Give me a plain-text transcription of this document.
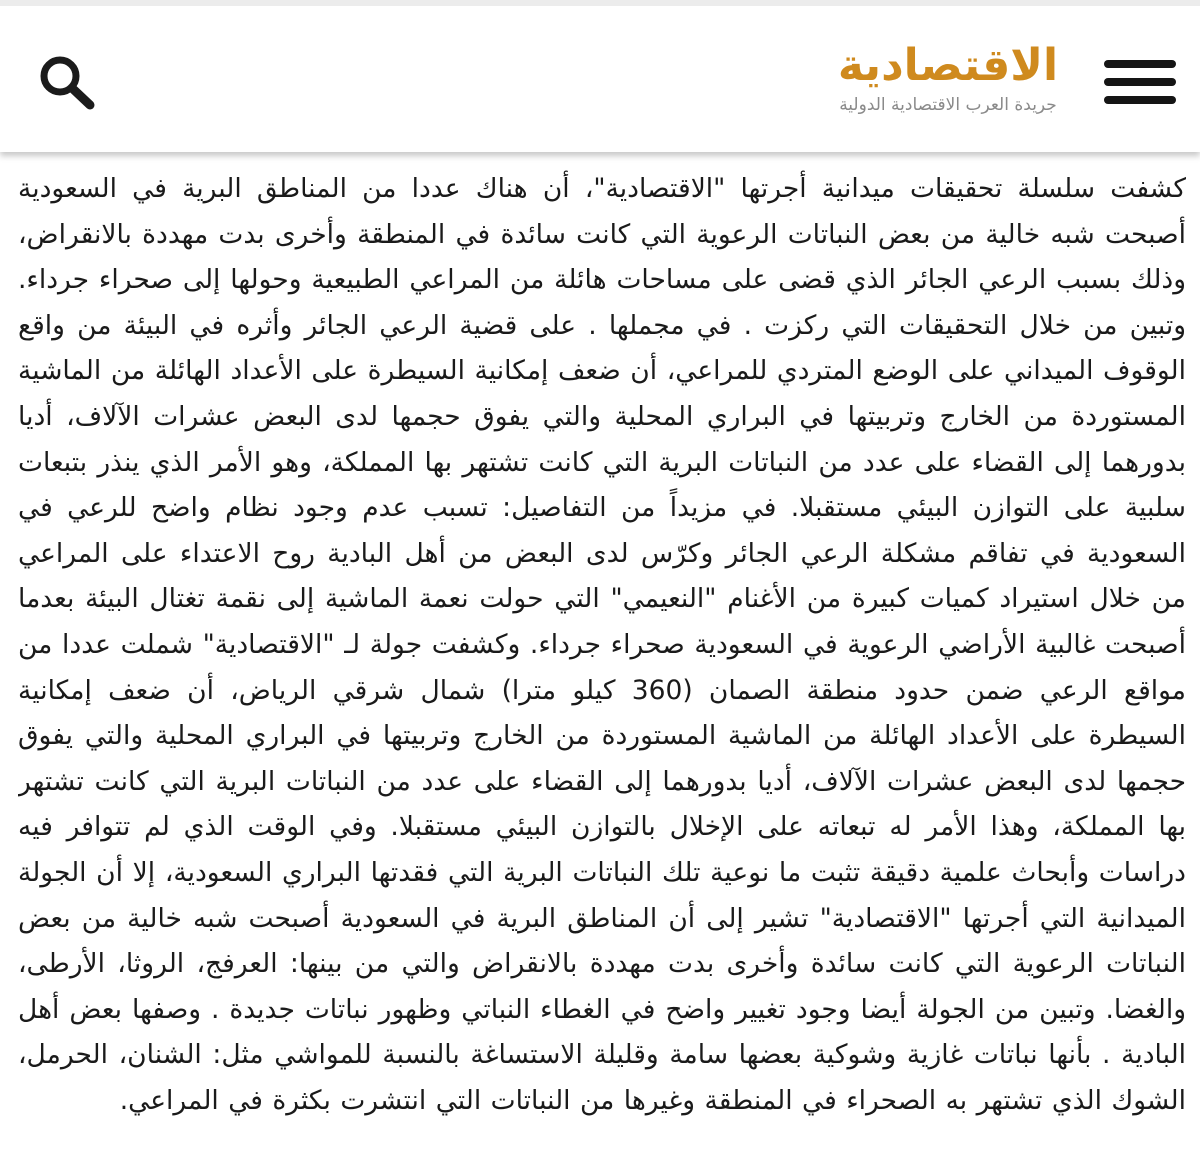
الاقتصادية
جريدة العرب الاقتصادية الدولية

كشفت سلسلة تحقيقات ميدانية أجرتها "الاقتصادية"، أن هناك عددا من المناطق البرية في السعودية أصبحت شبه خالية من بعض النباتات الرعوية التي كانت سائدة في المنطقة وأخرى بدت مهددة بالانقراض، وذلك بسبب الرعي الجائر الذي قضى على مساحات هائلة من المراعي الطبيعية وحولها إلى صحراء جرداء. وتبين من خلال التحقيقات التي ركزت . في مجملها . على قضية الرعي الجائر وأثره في البيئة من واقع الوقوف الميداني على الوضع المتردي للمراعي، أن ضعف إمكانية السيطرة على الأعداد الهائلة من الماشية المستوردة من الخارج وتربيتها في البراري المحلية والتي يفوق حجمها لدى البعض عشرات الآلاف، أديا بدورهما إلى القضاء على عدد من النباتات البرية التي كانت تشتهر بها المملكة، وهو الأمر الذي ينذر بتبعات سلبية على التوازن البيئي مستقبلا. في مزيداً من التفاصيل: تسبب عدم وجود نظام واضح للرعي في السعودية في تفاقم مشكلة الرعي الجائر وكرّس لدى البعض من أهل البادية روح الاعتداء على المراعي من خلال استيراد كميات كبيرة من الأغنام "النعيمي" التي حولت نعمة الماشية إلى نقمة تغتال البيئة بعدما أصبحت غالبية الأراضي الرعوية في السعودية صحراء جرداء. وكشفت جولة لـ "الاقتصادية" شملت عددا من مواقع الرعي ضمن حدود منطقة الصمان (360 كيلو مترا) شمال شرقي الرياض، أن ضعف إمكانية السيطرة على الأعداد الهائلة من الماشية المستوردة من الخارج وتربيتها في البراري المحلية والتي يفوق حجمها لدى البعض عشرات الآلاف، أديا بدورهما إلى القضاء على عدد من النباتات البرية التي كانت تشتهر بها المملكة، وهذا الأمر له تبعاته على الإخلال بالتوازن البيئي مستقبلا. وفي الوقت الذي لم تتوافر فيه دراسات وأبحاث علمية دقيقة تثبت ما نوعية تلك النباتات البرية التي فقدتها البراري السعودية، إلا أن الجولة الميدانية التي أجرتها "الاقتصادية" تشير إلى أن المناطق البرية في السعودية أصبحت شبه خالية من بعض النباتات الرعوية التي كانت سائدة وأخرى بدت مهددة بالانقراض والتي من بينها: العرفج، الروثا، الأرطى، والغضا. وتبين من الجولة أيضا وجود تغيير واضح في الغطاء النباتي وظهور نباتات جديدة . وصفها بعض أهل البادية . بأنها نباتات غازية وشوكية بعضها سامة وقليلة الاستساغة بالنسبة للمواشي مثل: الشنان، الحرمل، الشوك الذي تشتهر به الصحراء في المنطقة وغيرها من النباتات التي انتشرت بكثرة في المراعي.
